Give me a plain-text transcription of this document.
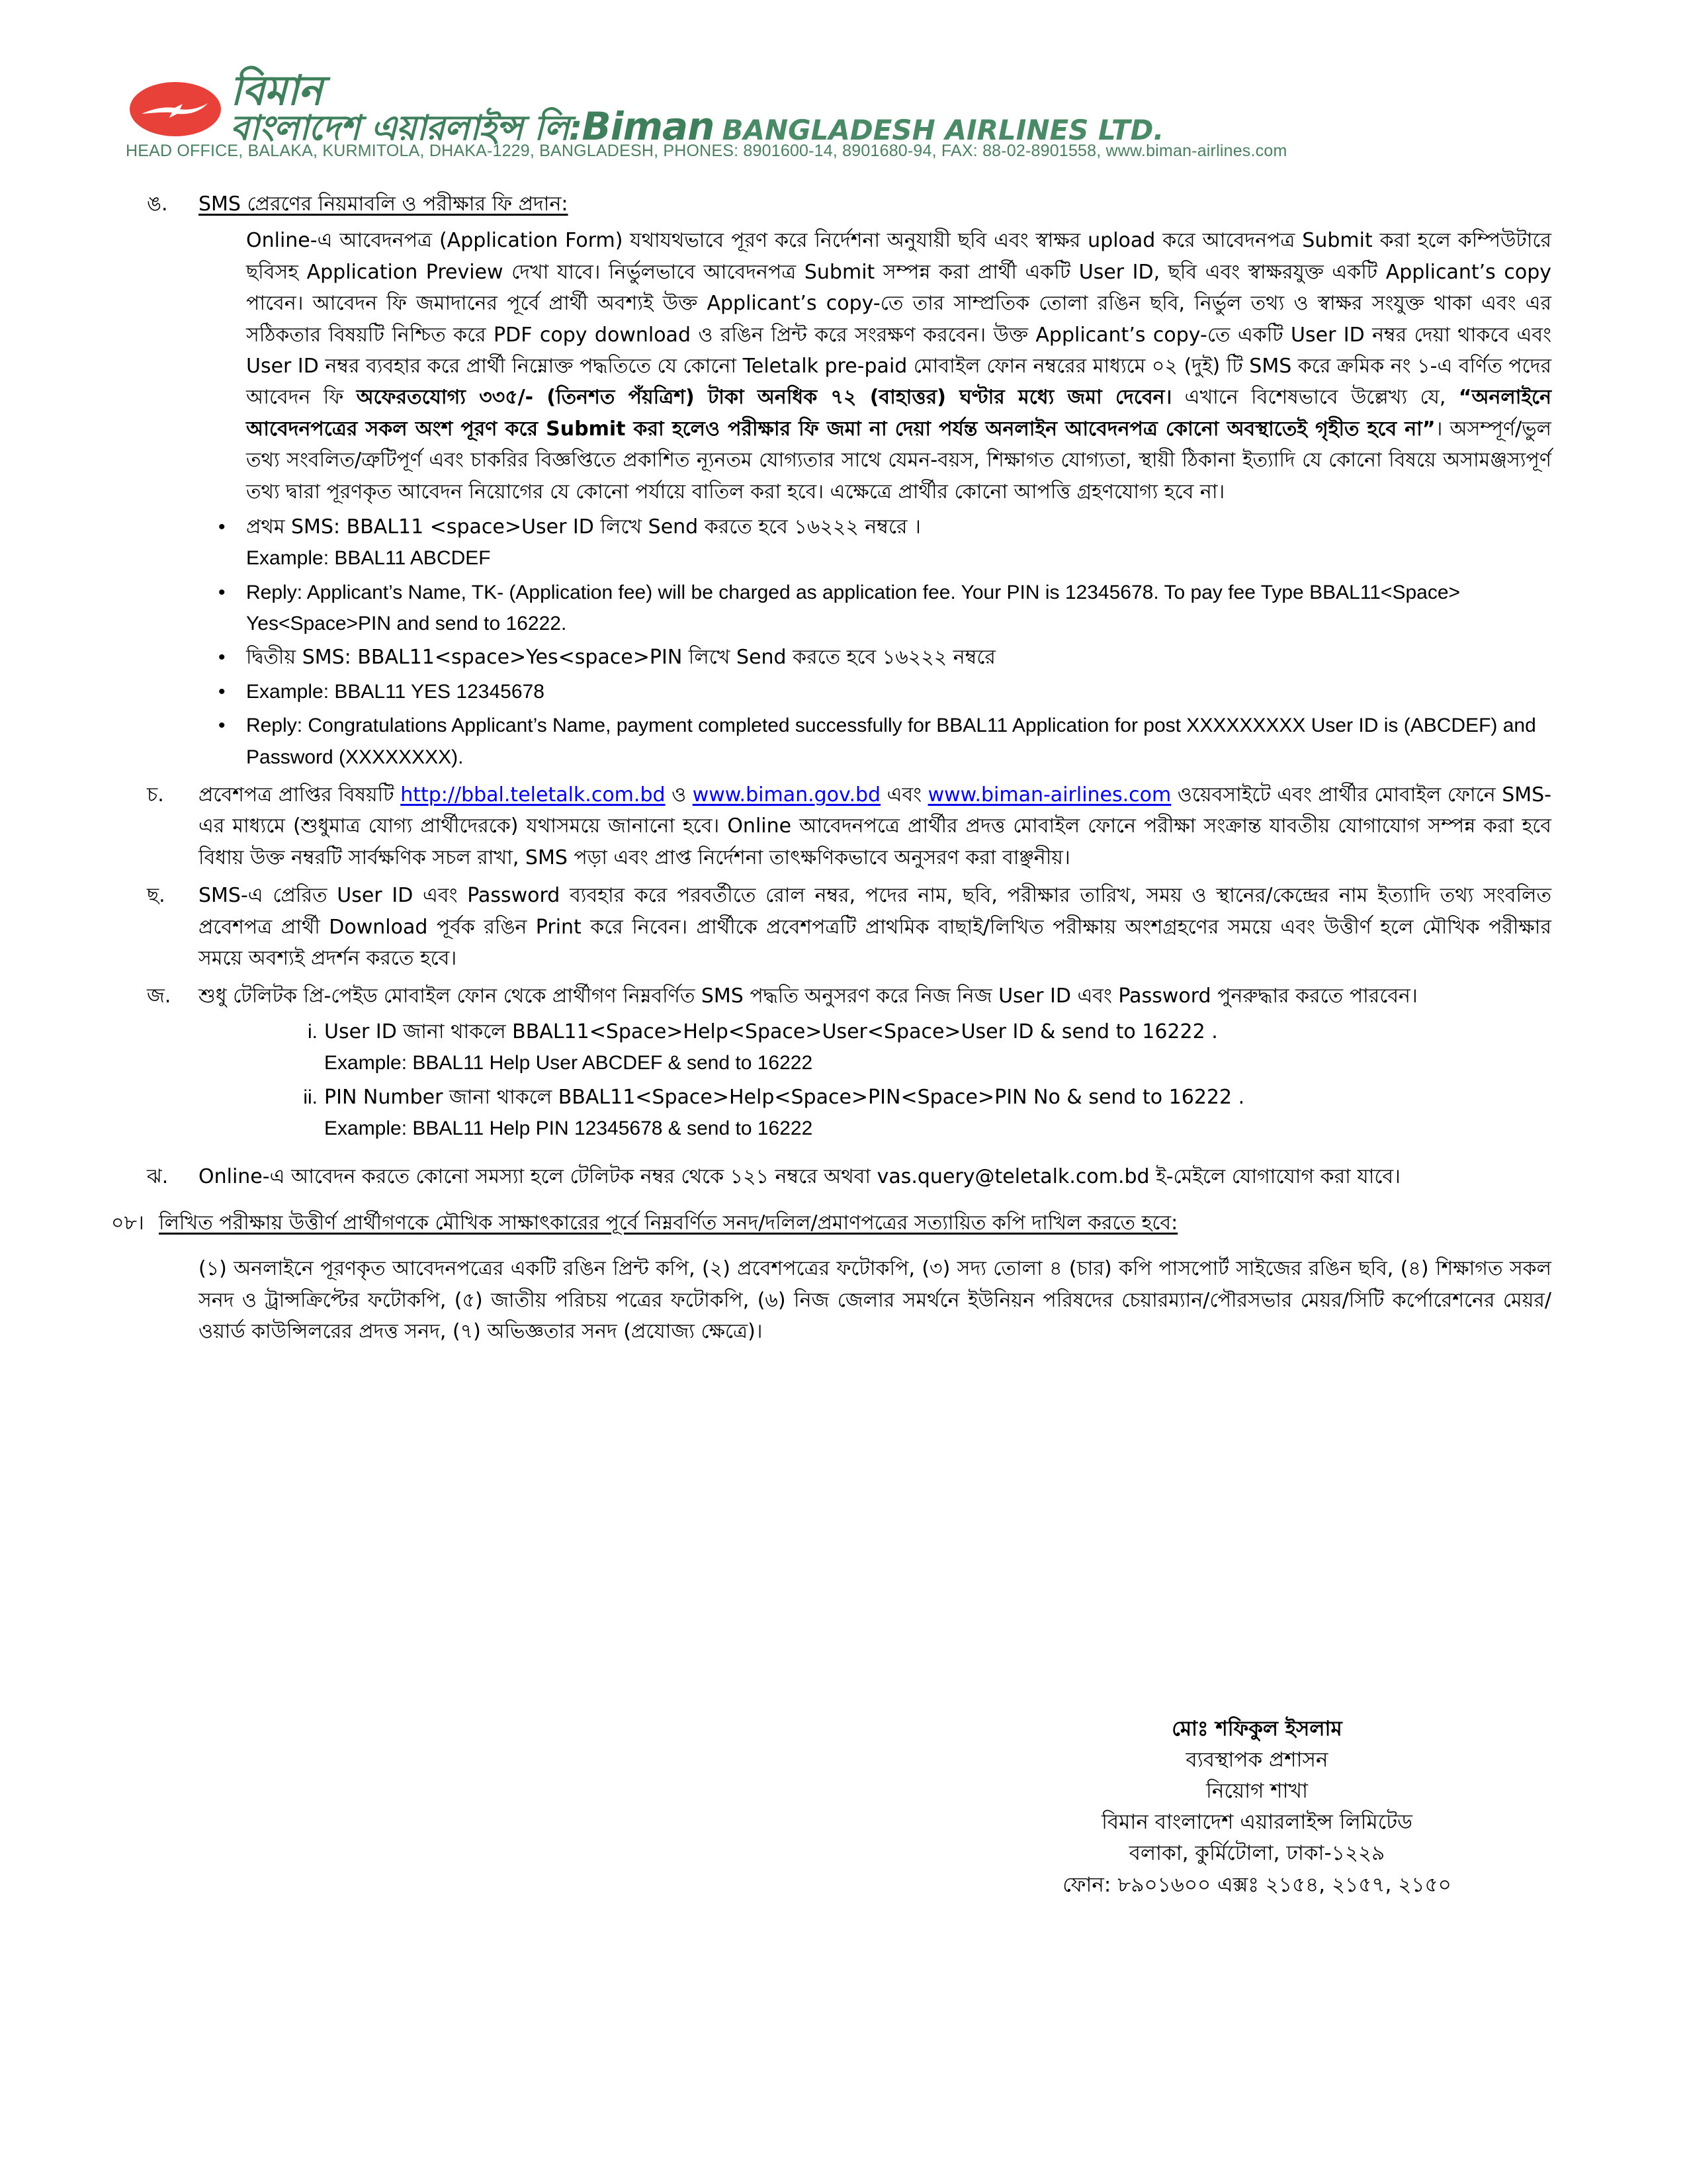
বিমান
বাংলাদেশ এয়ারলাইন্স লি: Biman BANGLADESH AIRLINES LTD.
HEAD OFFICE, BALAKA, KURMITOLA, DHAKA-1229, BANGLADESH, PHONES: 8901600-14, 8901680-94, FAX: 88-02-8901558, www.biman-airlines.com
ঙ.	SMS প্রেরণের নিয়মাবলি ও পরীক্ষার ফি প্রদান:

Online-এ আবেদনপত্র (Application Form) যথাযথভাবে পূরণ করে নির্দেশনা অনুযায়ী ছবি এবং স্বাক্ষর upload করে আবেদনপত্র Submit করা হলে কম্পিউটারে ছবিসহ Application Preview দেখা যাবে। নির্ভুলভাবে আবেদনপত্র Submit সম্পন্ন করা প্রার্থী একটি User ID, ছবি এবং স্বাক্ষরযুক্ত একটি Applicant’s copy পাবেন। আবেদন ফি জমাদানের পূর্বে প্রার্থী অবশ্যই উক্ত Applicant’s copy-তে তার সাম্প্রতিক তোলা রঙিন ছবি, নির্ভুল তথ্য ও স্বাক্ষর সংযুক্ত থাকা এবং এর সঠিকতার বিষয়টি নিশ্চিত করে PDF copy download ও রঙিন প্রিন্ট করে সংরক্ষণ করবেন। উক্ত Applicant’s copy-তে একটি User ID নম্বর দেয়া থাকবে এবং User ID নম্বর ব্যবহার করে প্রার্থী নিম্নোক্ত পদ্ধতিতে যে কোনো Teletalk pre-paid মোবাইল ফোন নম্বরের মাধ্যমে ০২ (দুই) টি SMS করে ক্রমিক নং ১-এ বর্ণিত পদের আবেদন ফি অফেরতযোগ্য ৩৩৫/- (তিনশত পঁয়ত্রিশ) টাকা অনধিক ৭২ (বাহাত্তর) ঘণ্টার মধ্যে জমা দেবেন। এখানে বিশেষভাবে উল্লেখ্য যে, “অনলাইনে আবেদনপত্রের সকল অংশ পূরণ করে Submit করা হলেও পরীক্ষার ফি জমা না দেয়া পর্যন্ত অনলাইন আবেদনপত্র কোনো অবস্থাতেই গৃহীত হবে না”। অসম্পূর্ণ/ভুল তথ্য সংবলিত/ত্রুটিপূর্ণ এবং চাকরির বিজ্ঞপ্তিতে প্রকাশিত ন্যূনতম যোগ্যতার সাথে যেমন-বয়স, শিক্ষাগত যোগ্যতা, স্থায়ী ঠিকানা ইত্যাদি যে কোনো বিষয়ে অসামঞ্জস্যপূর্ণ তথ্য দ্বারা পূরণকৃত আবেদন নিয়োগের যে কোনো পর্যায়ে বাতিল করা হবে। এক্ষেত্রে প্রার্থীর কোনো আপত্তি গ্রহণযোগ্য হবে না।

• প্রথম SMS: BBAL11 <space>User ID লিখে Send করতে হবে ১৬২২২ নম্বরে ।
Example: BBAL11 ABCDEF
• Reply: Applicant’s Name, TK- (Application fee) will be charged as application fee. Your PIN is 12345678. To pay fee Type BBAL11<Space> Yes<Space>PIN and send to 16222.
• দ্বিতীয় SMS: BBAL11<space>Yes<space>PIN লিখে Send করতে হবে ১৬২২২ নম্বরে
• Example: BBAL11 YES 12345678
• Reply: Congratulations Applicant’s Name, payment completed successfully for BBAL11 Application for post XXXXXXXXX User ID is (ABCDEF) and Password (XXXXXXXX).
চ.	প্রবেশপত্র প্রাপ্তির বিষয়টি http://bbal.teletalk.com.bd ও www.biman.gov.bd এবং www.biman-airlines.com ওয়েবসাইটে এবং প্রার্থীর মোবাইল ফোনে SMS-এর মাধ্যমে (শুধুমাত্র যোগ্য প্রার্থীদেরকে) যথাসময়ে জানানো হবে। Online আবেদনপত্রে প্রার্থীর প্রদত্ত মোবাইল ফোনে পরীক্ষা সংক্রান্ত যাবতীয় যোগাযোগ সম্পন্ন করা হবে বিধায় উক্ত নম্বরটি সার্বক্ষণিক সচল রাখা, SMS পড়া এবং প্রাপ্ত নির্দেশনা তাৎক্ষণিকভাবে অনুসরণ করা বাঞ্ছনীয়।

ছ.	SMS-এ প্রেরিত User ID এবং Password ব্যবহার করে পরবর্তীতে রোল নম্বর, পদের নাম, ছবি, পরীক্ষার তারিখ, সময় ও স্থানের/কেন্দ্রের নাম ইত্যাদি তথ্য সংবলিত প্রবেশপত্র প্রার্থী Download পূর্বক রঙিন Print করে নিবেন। প্রার্থীকে প্রবেশপত্রটি প্রাথমিক বাছাই/লিখিত পরীক্ষায় অংশগ্রহণের সময়ে এবং উত্তীর্ণ হলে মৌখিক পরীক্ষার সময়ে অবশ্যই প্রদর্শন করতে হবে।

জ.	শুধু টেলিটক প্রি-পেইড মোবাইল ফোন থেকে প্রার্থীগণ নিম্নবর্ণিত SMS পদ্ধতি অনুসরণ করে নিজ নিজ User ID এবং Password পুনরুদ্ধার করতে পারবেন।

i. User ID জানা থাকলে BBAL11<Space>Help<Space>User<Space>User ID & send to 16222 .
Example: BBAL11 Help User ABCDEF & send to 16222
ii. PIN Number জানা থাকলে BBAL11<Space>Help<Space>PIN<Space>PIN No & send to 16222 .
Example: BBAL11 Help PIN 12345678 & send to 16222
ঝ.	Online-এ আবেদন করতে কোনো সমস্যা হলে টেলিটক নম্বর থেকে ১২১ নম্বরে অথবা vas.query@teletalk.com.bd ই-মেইলে যোগাযোগ করা যাবে।

০৮। লিখিত পরীক্ষায় উত্তীর্ণ প্রার্থীগণকে মৌখিক সাক্ষাৎকারের পূর্বে নিম্নবর্ণিত সনদ/দলিল/প্রমাণপত্রের সত্যায়িত কপি দাখিল করতে হবে:

(১) অনলাইনে পূরণকৃত আবেদনপত্রের একটি রঙিন প্রিন্ট কপি, (২) প্রবেশপত্রের ফটোকপি, (৩) সদ্য তোলা ৪ (চার) কপি পাসপোর্ট সাইজের রঙিন ছবি, (৪) শিক্ষাগত সকল সনদ ও ট্রান্সক্রিপ্টের ফটোকপি, (৫) জাতীয় পরিচয় পত্রের ফটোকপি, (৬) নিজ জেলার সমর্থনে ইউনিয়ন পরিষদের চেয়ারম্যান/পৌরসভার মেয়র/সিটি কর্পোরেশনের মেয়র/ওয়ার্ড কাউন্সিলরের প্রদত্ত সনদ, (৭) অভিজ্ঞতার সনদ (প্রযোজ্য ক্ষেত্রে)।

মোঃ শফিকুল ইসলাম
ব্যবস্থাপক প্রশাসন
নিয়োগ শাখা
বিমান বাংলাদেশ এয়ারলাইন্স লিমিটেড
বলাকা, কুর্মিটোলা, ঢাকা-১২২৯
ফোন: ৮৯০১৬০০ এক্সঃ ২১৫৪, ২১৫৭, ২১৫০
